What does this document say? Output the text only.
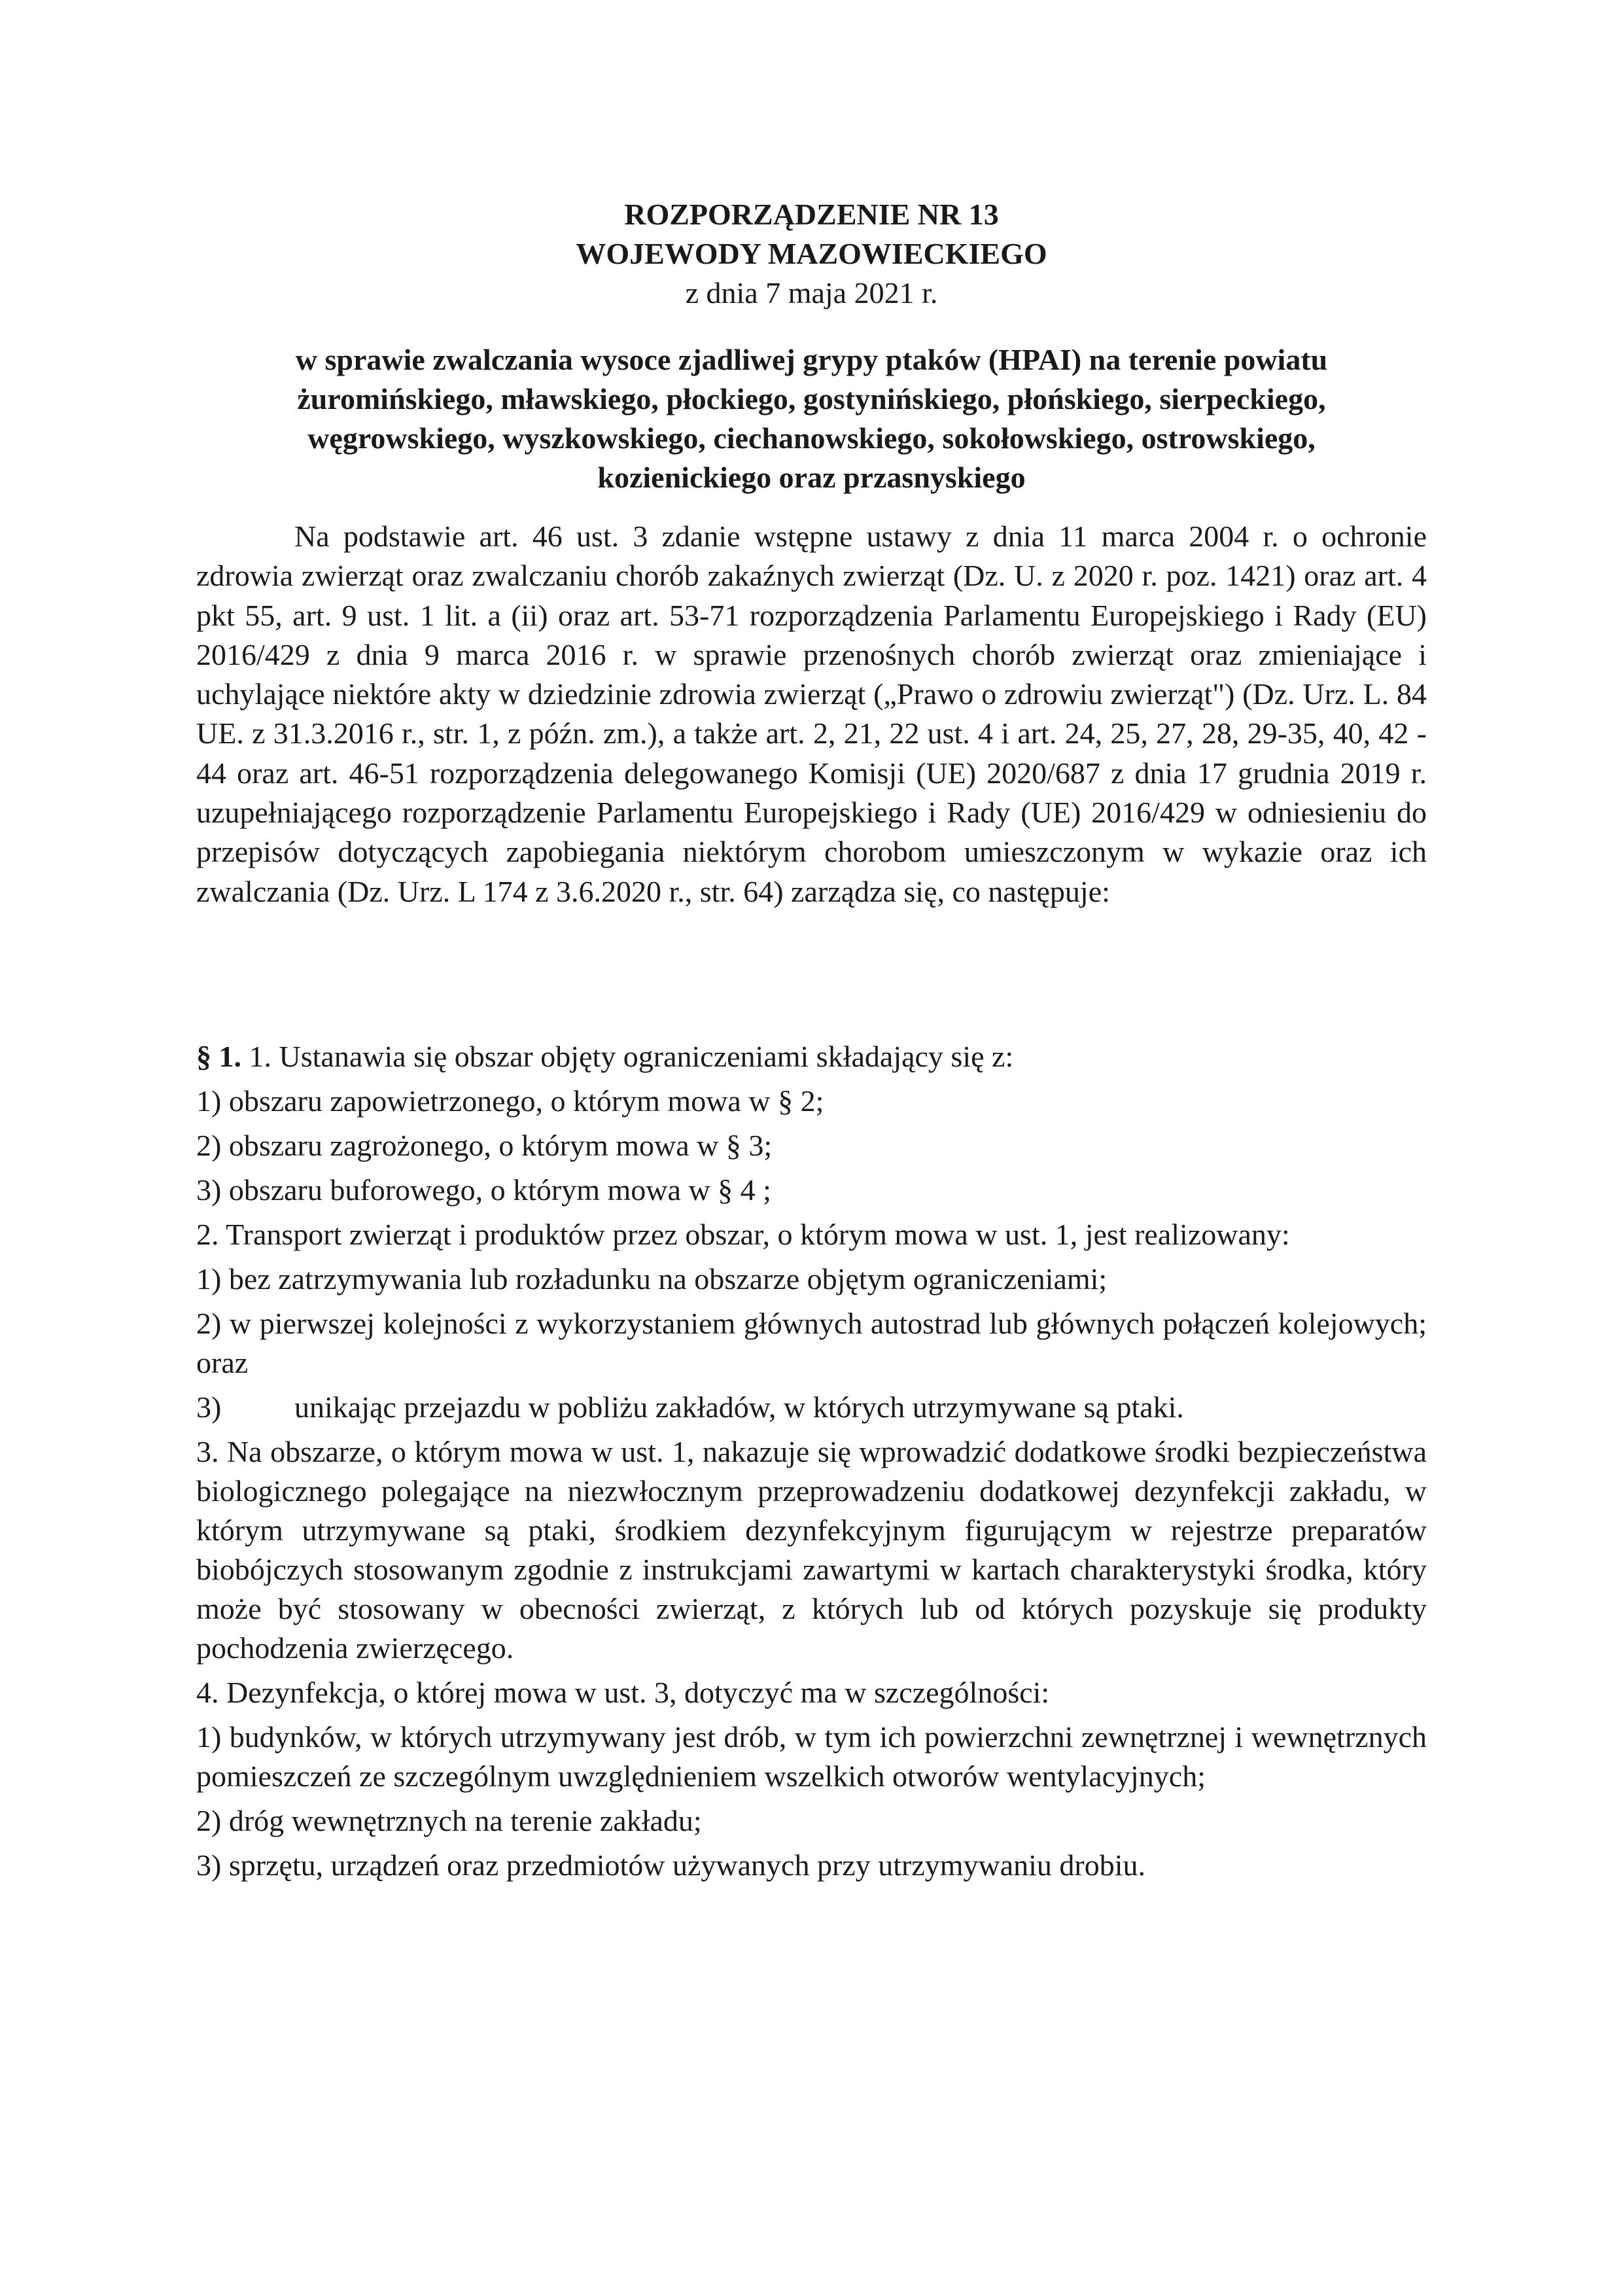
ROZPORZĄDZENIE NR 13
WOJEWODY MAZOWIECKIEGO
z dnia 7 maja 2021 r.
w sprawie zwalczania wysoce zjadliwej grypy ptaków (HPAI) na terenie powiatu
żuromińskiego, mławskiego, płockiego, gostynińskiego, płońskiego, sierpeckiego,
węgrowskiego, wyszkowskiego, ciechanowskiego, sokołowskiego, ostrowskiego,
kozienickiego oraz przasnyskiego

Na podstawie art. 46 ust. 3 zdanie wstępne ustawy z dnia 11 marca 2004 r. o ochronie zdrowia zwierząt oraz zwalczaniu chorób zakaźnych zwierząt (Dz. U. z 2020 r. poz. 1421) oraz art. 4 pkt 55, art. 9 ust. 1 lit. a (ii) oraz art. 53-71 rozporządzenia Parlamentu Europejskiego i Rady (EU) 2016/429 z dnia 9 marca 2016 r. w sprawie przenośnych chorób zwierząt oraz zmieniające i uchylające niektóre akty w dziedzinie zdrowia zwierząt („Prawo o zdrowiu zwierząt") (Dz. Urz. L. 84 UE. z 31.3.2016 r., str. 1, z późn. zm.), a także art. 2, 21, 22 ust. 4 i art. 24, 25, 27, 28, 29-35, 40, 42 - 44 oraz art. 46-51 rozporządzenia delegowanego Komisji (UE) 2020/687 z dnia 17 grudnia 2019 r. uzupełniającego rozporządzenie Parlamentu Europejskiego i Rady (UE) 2016/429 w odniesieniu do przepisów dotyczących zapobiegania niektórym chorobom umieszczonym w wykazie oraz ich zwalczania (Dz. Urz. L 174 z 3.6.2020 r., str. 64) zarządza się, co następuje:

§ 1. 1. Ustanawia się obszar objęty ograniczeniami składający się z:

1) obszaru zapowietrzonego, o którym mowa w § 2;

2) obszaru zagrożonego, o którym mowa w § 3;

3) obszaru buforowego, o którym mowa w § 4 ;

2. Transport zwierząt i produktów przez obszar, o którym mowa w ust. 1, jest realizowany:

1) bez zatrzymywania lub rozładunku na obszarze objętym ograniczeniami;

2) w pierwszej kolejności z wykorzystaniem głównych autostrad lub głównych połączeń kolejowych; oraz

3) unikając przejazdu w pobliżu zakładów, w których utrzymywane są ptaki.

3. Na obszarze, o którym mowa w ust. 1, nakazuje się wprowadzić dodatkowe środki bezpieczeństwa biologicznego polegające na niezwłocznym przeprowadzeniu dodatkowej dezynfekcji zakładu, w którym utrzymywane są ptaki, środkiem dezynfekcyjnym figurującym w rejestrze preparatów biobójczych stosowanym zgodnie z instrukcjami zawartymi w kartach charakterystyki środka, który może być stosowany w obecności zwierząt, z których lub od których pozyskuje się produkty pochodzenia zwierzęcego.

4. Dezynfekcja, o której mowa w ust. 3, dotyczyć ma w szczególności:

1) budynków, w których utrzymywany jest drób, w tym ich powierzchni zewnętrznej i wewnętrznych pomieszczeń ze szczególnym uwzględnieniem wszelkich otworów wentylacyjnych;

2) dróg wewnętrznych na terenie zakładu;

3) sprzętu, urządzeń oraz przedmiotów używanych przy utrzymywaniu drobiu.
